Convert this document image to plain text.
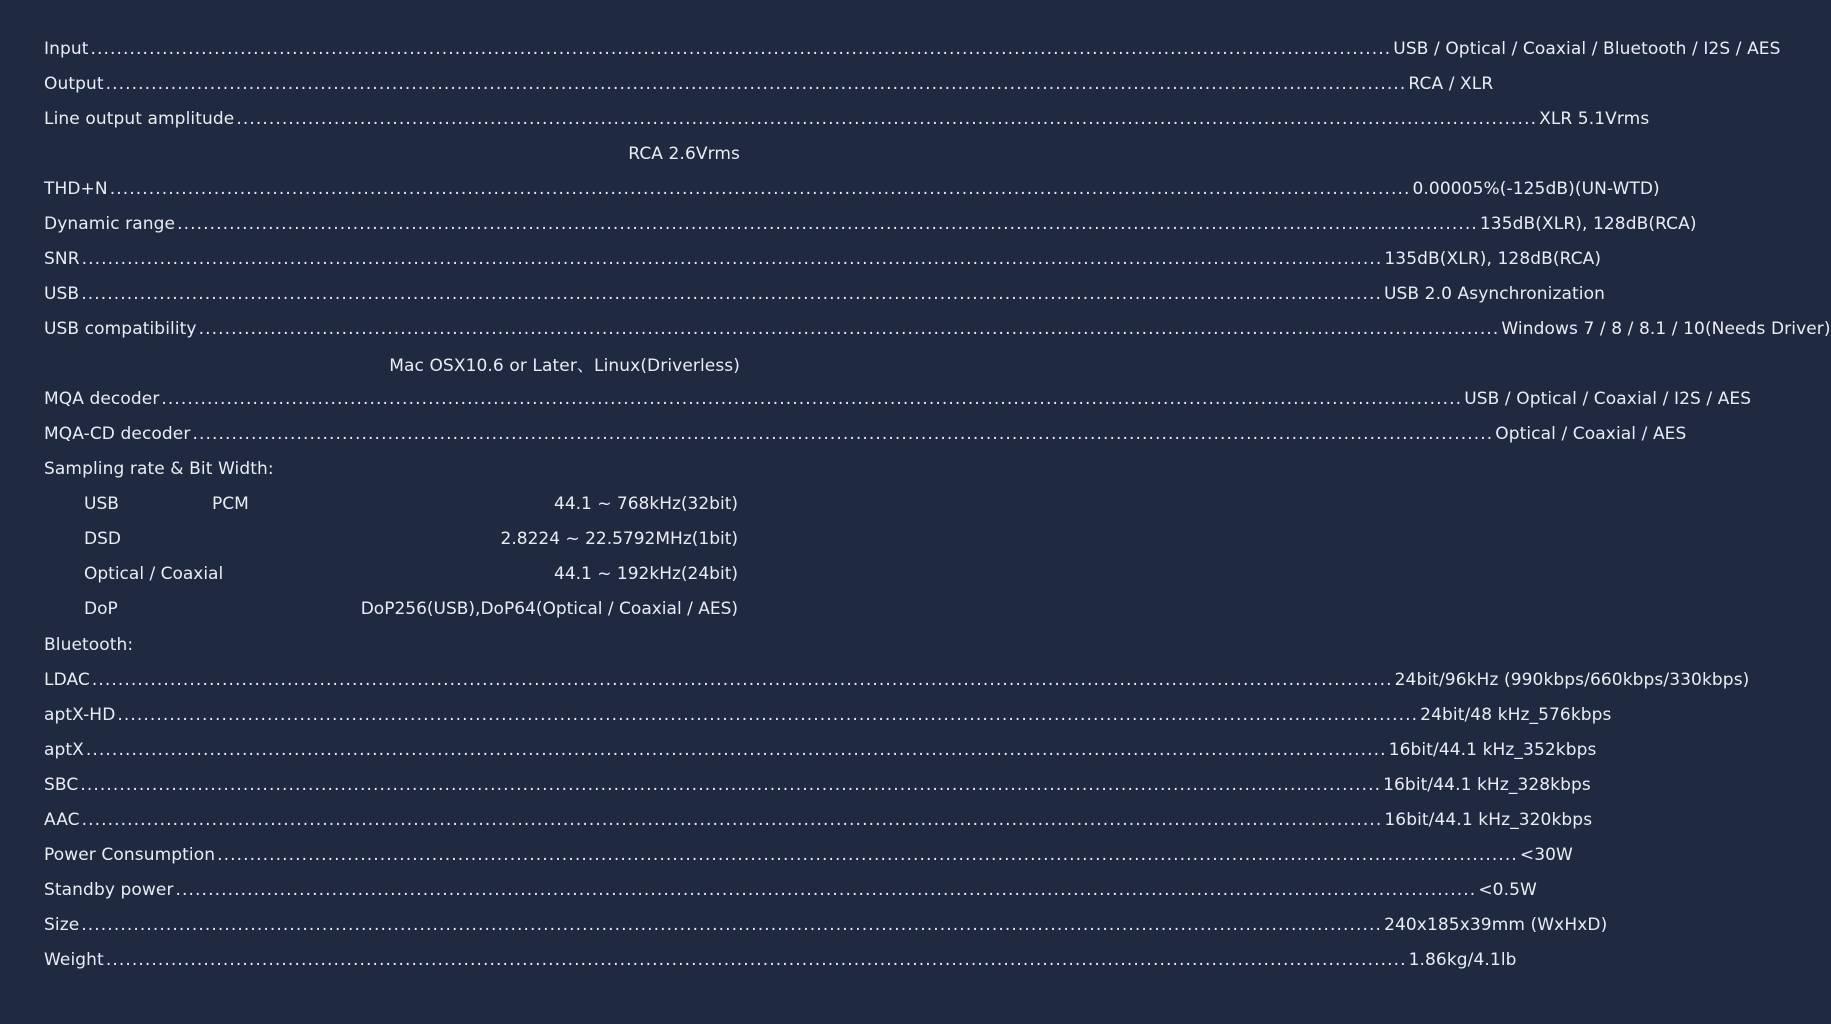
Input ........................................................................................................................................................................................................ USB / Optical / Coaxial / Bluetooth / I2S / AES
Output ........................................................................................................................................................................................................ RCA / XLR
Line output amplitude ........................................................................................................................................................................................................ XLR 5.1Vrms
RCA 2.6Vrms
THD+N ........................................................................................................................................................................................................ 0.00005%(-125dB)(UN-WTD)
Dynamic range ........................................................................................................................................................................................................ 135dB(XLR), 128dB(RCA)
SNR ........................................................................................................................................................................................................ 135dB(XLR), 128dB(RCA)
USB ........................................................................................................................................................................................................ USB 2.0 Asynchronization
USB compatibility ........................................................................................................................................................................................................ Windows 7 / 8 / 8.1 / 10(Needs Driver)
Mac OSX10.6 or Later、Linux(Driverless)
MQA decoder ........................................................................................................................................................................................................ USB / Optical / Coaxial / I2S / AES
MQA-CD decoder ........................................................................................................................................................................................................ Optical / Coaxial / AES
Sampling rate & Bit Width:
USB	PCM	44.1 ~ 768kHz(32bit)
DSD	2.8224 ~ 22.5792MHz(1bit)
Optical / Coaxial	44.1 ~ 192kHz(24bit)
DoP	DoP256(USB),DoP64(Optical / Coaxial / AES)
Bluetooth:
LDAC ........................................................................................................................................................................................................ 24bit/96kHz (990kbps/660kbps/330kbps)
aptX-HD ........................................................................................................................................................................................................ 24bit/48 kHz_576kbps
aptX ........................................................................................................................................................................................................ 16bit/44.1 kHz_352kbps
SBC ........................................................................................................................................................................................................ 16bit/44.1 kHz_328kbps
AAC ........................................................................................................................................................................................................ 16bit/44.1 kHz_320kbps
Power Consumption ........................................................................................................................................................................................................ <30W
Standby power ........................................................................................................................................................................................................ <0.5W
Size ........................................................................................................................................................................................................ 240x185x39mm (WxHxD)
Weight ........................................................................................................................................................................................................ 1.86kg/4.1lb
